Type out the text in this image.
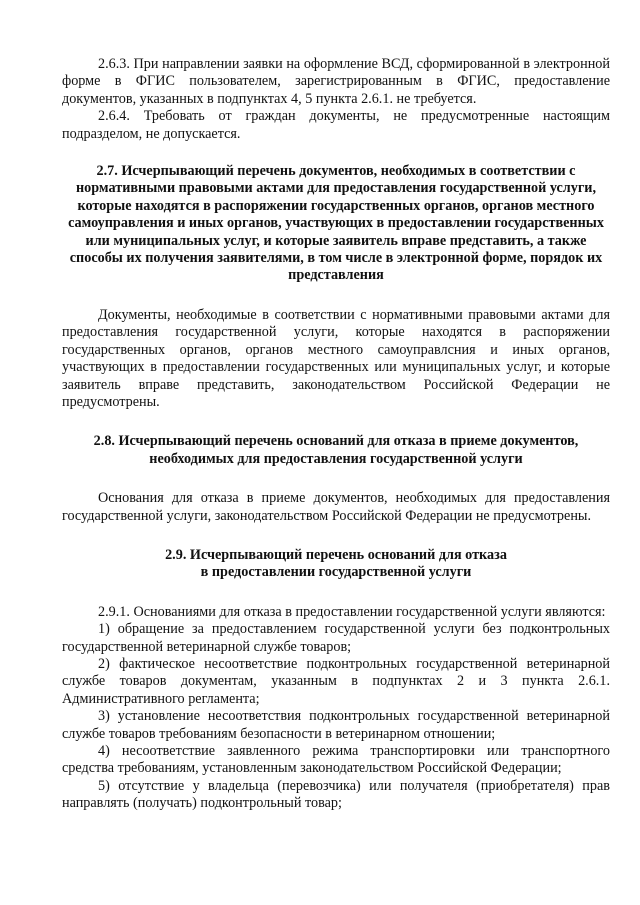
2.6.3. При направлении заявки на оформление ВСД, сформированной в электронной форме в ФГИС пользователем, зарегистрированным в ФГИС, предоставление документов, указанных в подпунктах 4, 5 пункта 2.6.1. не требуется.

2.6.4. Требовать от граждан документы, не предусмотренные настоящим подразделом, не допускается.

2.7. Исчерпывающий перечень документов, необходимых в соответствии с нормативными правовыми актами для предоставления государственной услуги, которые находятся в распоряжении государственных органов, органов местного самоуправления и иных органов, участвующих в предоставлении государственных или муниципальных услуг, и которые заявитель вправе представить, а также способы их получения заявителями, в том числе в электронной форме, порядок их представления

Документы, необходимые в соответствии с нормативными правовыми актами для предоставления государственной услуги, которые находятся в распоряжении государственных органов, органов местного самоуправлсния и иных органов, участвующих в предоставлении государственных или муниципальных услуг, и которые заявитель вправе представить, законодательством Российской Федерации не предусмотрены.

2.8. Исчерпывающий перечень оснований для отказа в приеме документов, необходимых для предоставления государственной услуги

Основания для отказа в приеме документов, необходимых для предоставления государственной услуги, законодательством Российской Федерации не предусмотрены.

2.9. Исчерпывающий перечень оснований для отказа
в предоставлении государственной услуги

2.9.1. Основаниями для отказа в предоставлении государственной услуги являются:

1) обращение за предоставлением государственной услуги без подконтрольных государственной ветеринарной службе товаров;

2) фактическое несоответствие подконтрольных государственной ветеринарной службе товаров документам, указанным в подпунктах 2 и 3 пункта 2.6.1. Административного регламента;

3) установление несоответствия подконтрольных государственной ветеринарной службе товаров требованиям безопасности в ветеринарном отношении;

4) несоответствие заявленного режима транспортировки или транспортного средства требованиям, установленным законодательством Российской Федерации;

5) отсутствие у владельца (перевозчика) или получателя (приобретателя) прав направлять (получать) подконтрольный товар;
